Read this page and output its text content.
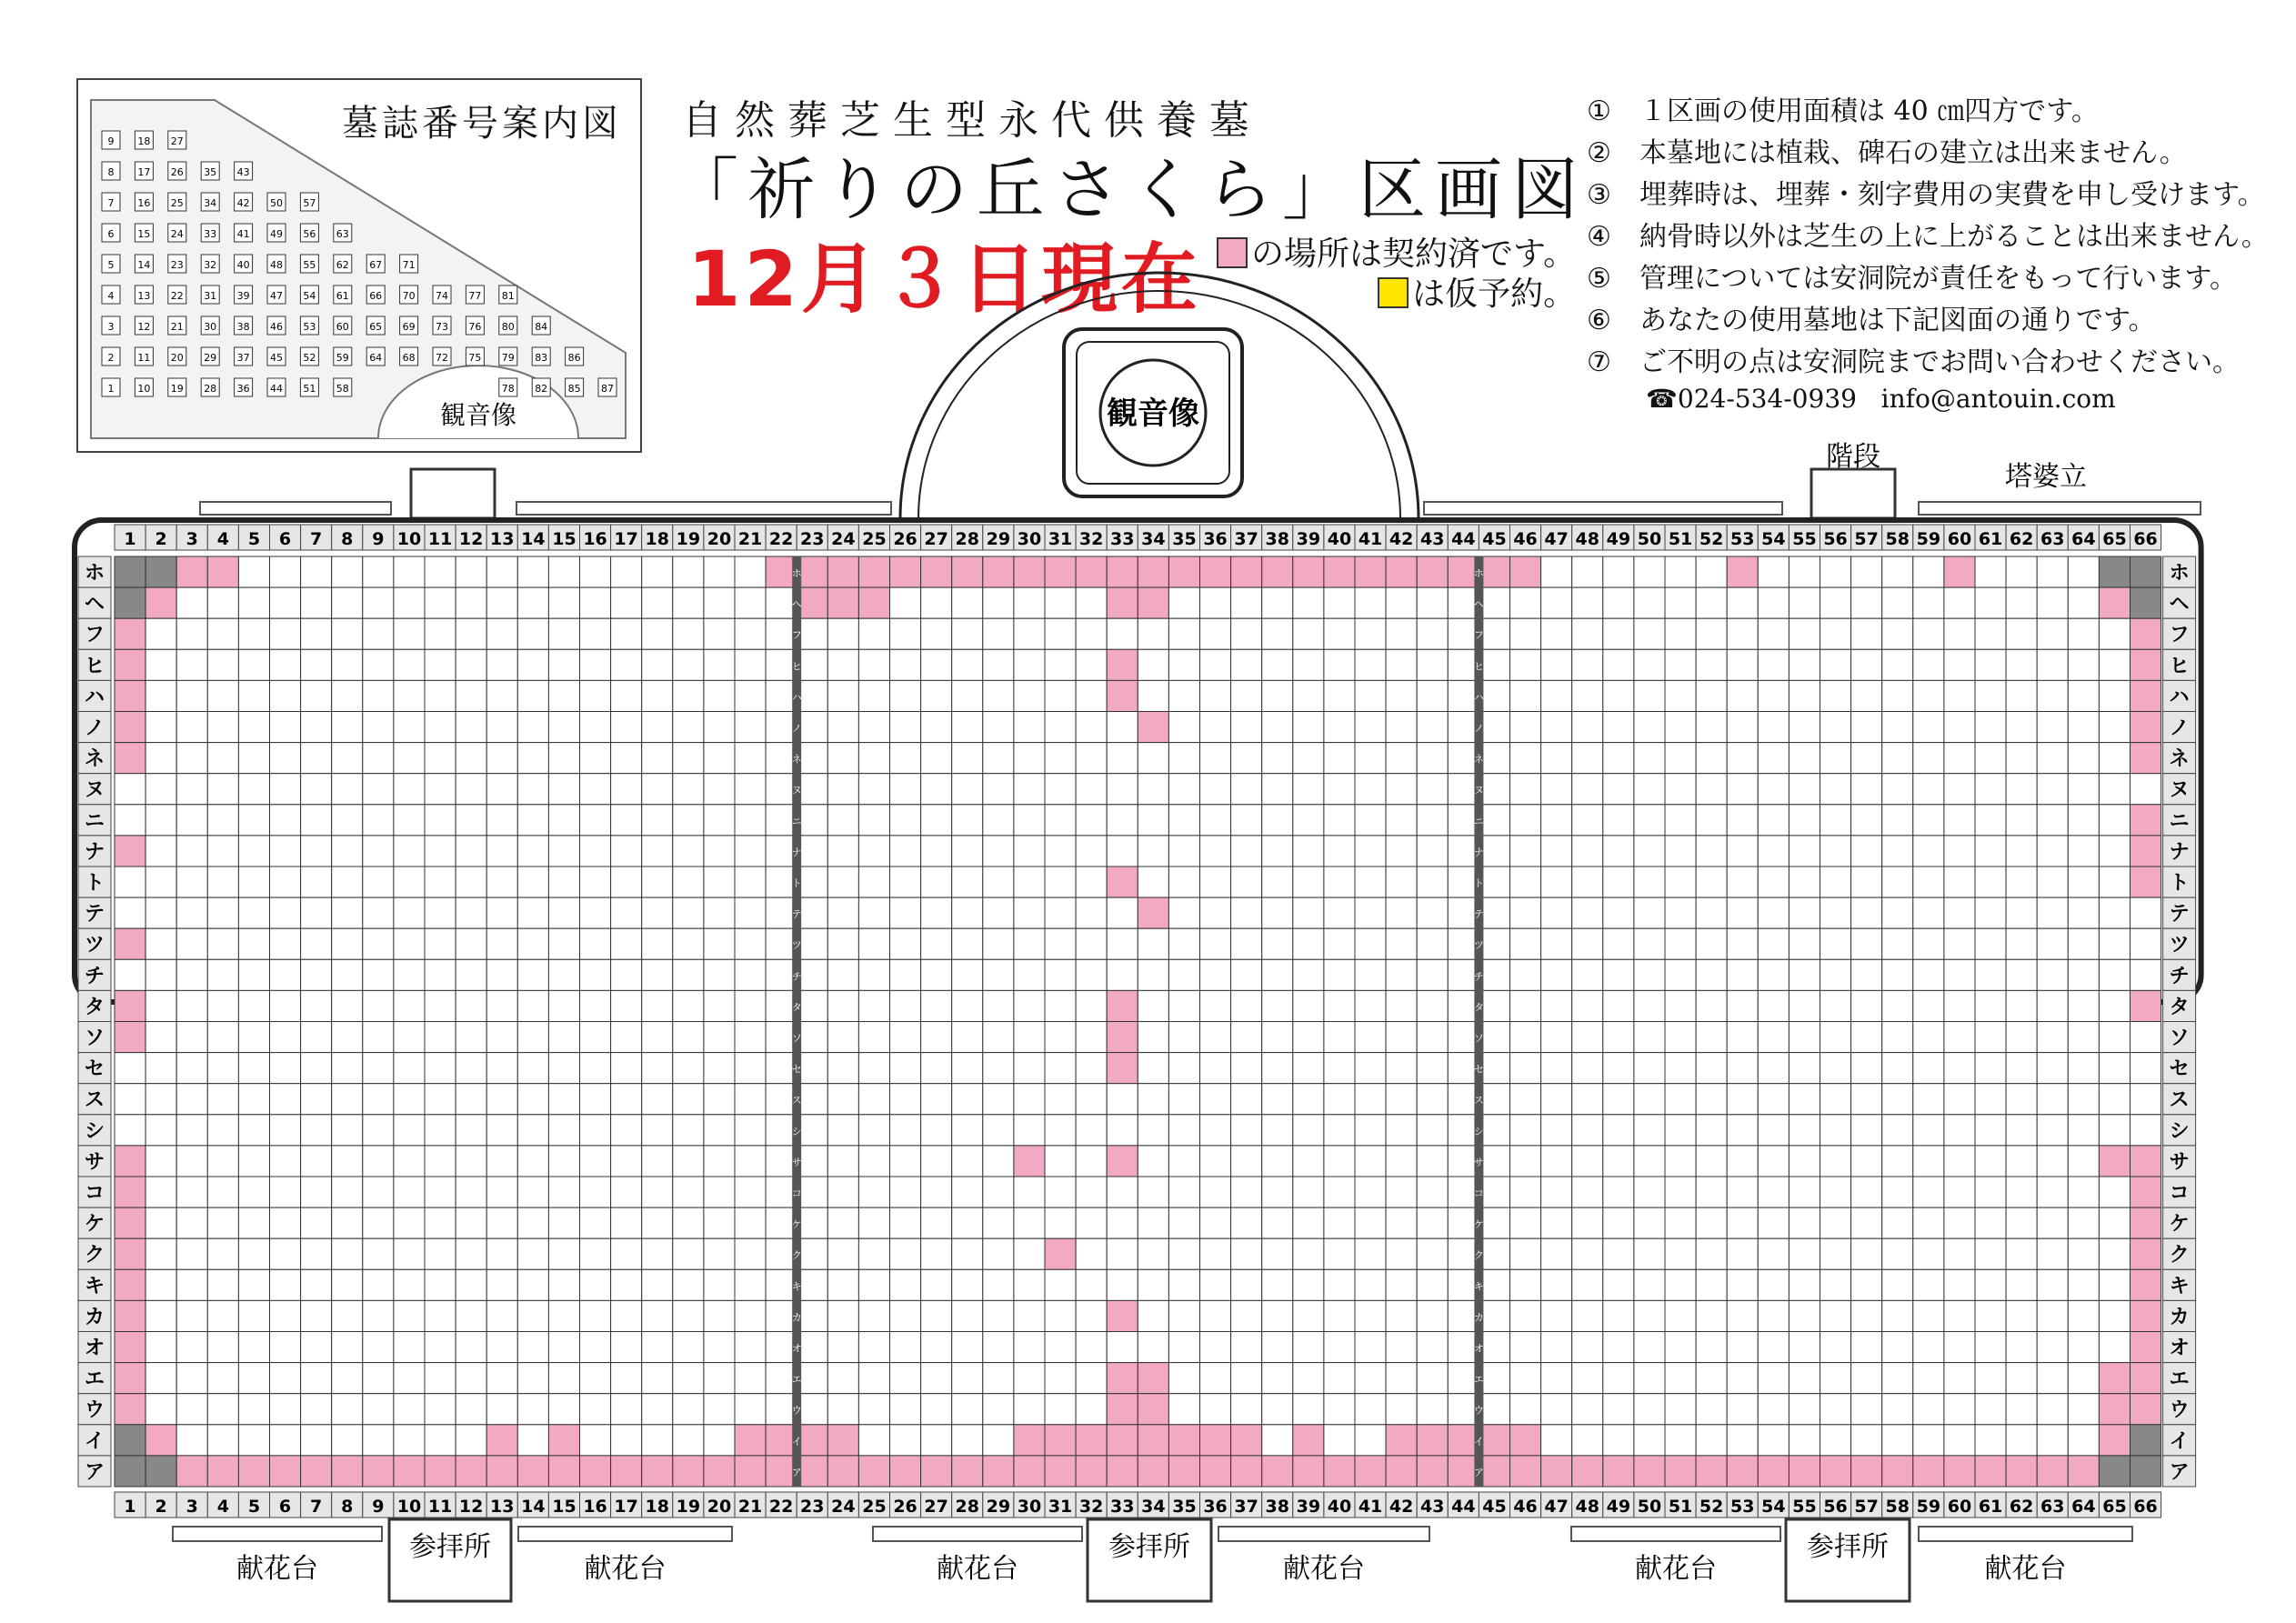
観音像
9 18 27
8 17 26 35 43
7 16 25 34 42 50 57
6 15 24 33 41 49 56 63
5 14 23 32 40 48 55 62 67 71
4 13 22 31 39 47 54 61 66 70 74 77 81
3 12 21 30 38 46 53 60 65 69 73 76 80 84
2 11 20 29 37 45 52 59 64 68 72 75 79 83 86
1 10 19 28 36 44 51 58	78 82 85 87
墓誌番号案内図 自然葬芝生型永代供養墓
「祈りの丘さくら」区画図
12月３日現在	の場所は契約済です。
は仮予約。
① １区画の使用面積は 40 ㎝四方です。
② 本墓地には植栽、碑石の建立は出来ません。
③ 埋葬時は、埋葬・刻字費用の実費を申し受けます。
④ 納骨時以外は芝生の上に上がることは出来ません。
⑤ 管理については安洞院が責任をもって行います。
⑥ あなたの使用墓地は下記図面の通りです。
⑦ ご不明の点は安洞院までお問い合わせください。
☎024-534-0939 info@antouin.com
観音像
階段
塔婆立
1 2 3 4 5 6 7 8 9 10 11 12 13 14 15 16 17 18 19 20 21 22 23 24 25 26 27 28 29 30 31 32 33 34 35 36 37 38 39 40 41 42 43 44 45 46 47 48 49 50 51 52 53 54 55 56 57 58 59 60 61 62 63 64 65 66
1 2 3 4 5 6 7 8 9 10 11 12 13 14 15 16 17 18 19 20 21 22 23 24 25 26 27 28 29 30 31 32 33 34 35 36 37 38 39 40 41 42 43 44 45 46 47 48 49 50 51 52 53 54 55 56 57 58 59 60 61 62 63 64 65 66
ホ	ホ
ヘ	ヘ
フ	フ
ヒ	ヒ
ハ	ハ
ノ	ノ
ネ	ネ
ヌ	ヌ
ニ	ニ
ナ	ナ
ト	ト
テ	テ
ツ	ツ
チ	チ
タ	タ
ソ	ソ
セ	セ
ス	ス
シ	シ
サ	サ
コ	コ
ケ	ケ
ク	ク
キ	キ
カ	カ
オ	オ
エ	エ
ウ	ウ
イ	イ
ア	ア
ホ
ヘ
フ
ヒ
ハ
ノ
ネ
ヌ
ニ
ナ
ト
テ
ツ
チ
タ
ソ
セ
ス
シ
サ
コ
ケ
ク
キ
カ
オ
エ
ウ
イ
ア
ホ
ヘ
フ
ヒ
ハ
ノ
ネ
ヌ
ニ
ナ
ト
テ
ツ
チ
タ
ソ
セ
ス
シ
サ
コ
ケ
ク
キ
カ
オ
エ
ウ
イ
ア
献花台	献花台	献花台	献花台	献花台	献花台
参拝所	参拝所	参拝所
